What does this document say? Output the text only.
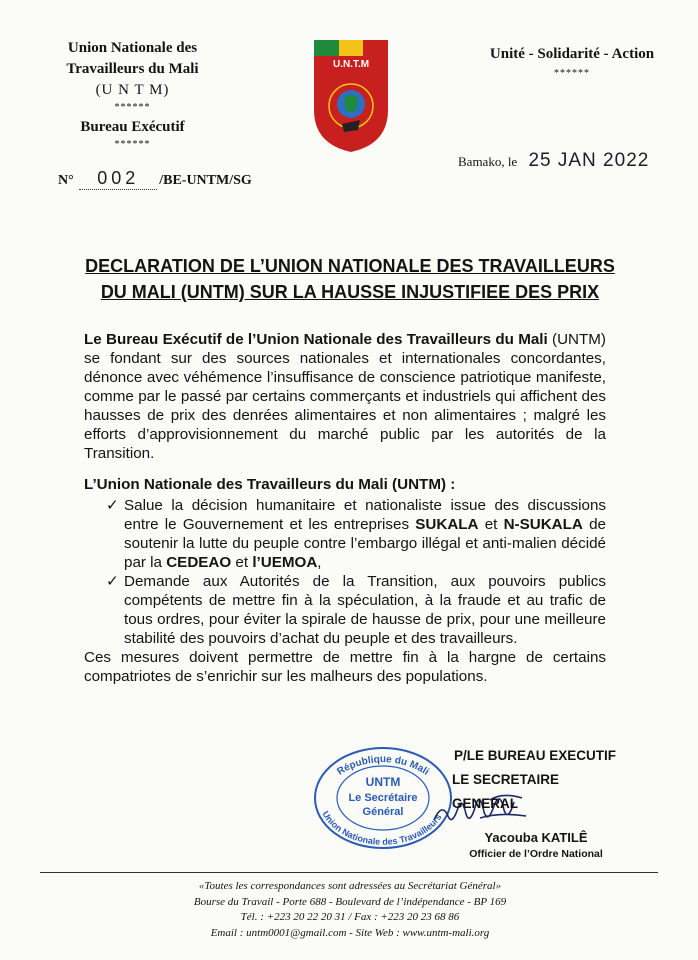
Union Nationale des
Travailleurs du Mali
(U N T M)
******
Bureau Exécutif
******
U.N.T.M
Unité - Solidarité - Action
******
Bamako, le 25 JAN 2022
N° 002 /BE-UNTM/SG
DECLARATION DE L’UNION NATIONALE DES TRAVAILLEURS
DU MALI (UNTM) SUR LA HAUSSE INJUSTIFIEE DES PRIX

Le Bureau Exécutif de l’Union Nationale des Travailleurs du Mali (UNTM) se fondant sur des sources nationales et internationales concordantes, dénonce avec véhémence l’insuffisance de conscience patriotique manifeste, comme par le passé par certains commerçants et industriels qui affichent des hausses de prix des denrées alimentaires et non alimentaires ; malgré les efforts d’approvisionnement du marché public par les autorités de la Transition.

L’Union Nationale des Travailleurs du Mali (UNTM) :

✓ Salue la décision humanitaire et nationaliste issue des discussions entre le Gouvernement et les entreprises SUKALA et N-SUKALA de soutenir la lutte du peuple contre l’embargo illégal et anti-malien décidé par la CEDEAO et l’UEMOA,
✓ Demande aux Autorités de la Transition, aux pouvoirs publics compétents de mettre fin à la spéculation, à la fraude et au trafic de tous ordres, pour éviter la spirale de hausse de prix, pour une meilleure stabilité des pouvoirs d’achat du peuple et des travailleurs.

Ces mesures doivent permettre de mettre fin à la hargne de certains compatriotes de s’enrichir sur les malheurs des populations.

République du Mali
Union Nationale des Travailleurs
UNTM
Le Secrétaire
Général
P/LE BUREAU EXECUTIF
LE SECRETAIRE GENERAL
Yacouba KATILÊ
Officier de l’Ordre National
«Toutes les correspondances sont adressées au Secrétariat Général»
Bourse du Travail - Porte 688 - Boulevard de l’indépendance - BP 169
Tél. : +223 20 22 20 31 / Fax : +223 20 23 68 86
Email : untm0001@gmail.com - Site Web : www.untm-mali.org
